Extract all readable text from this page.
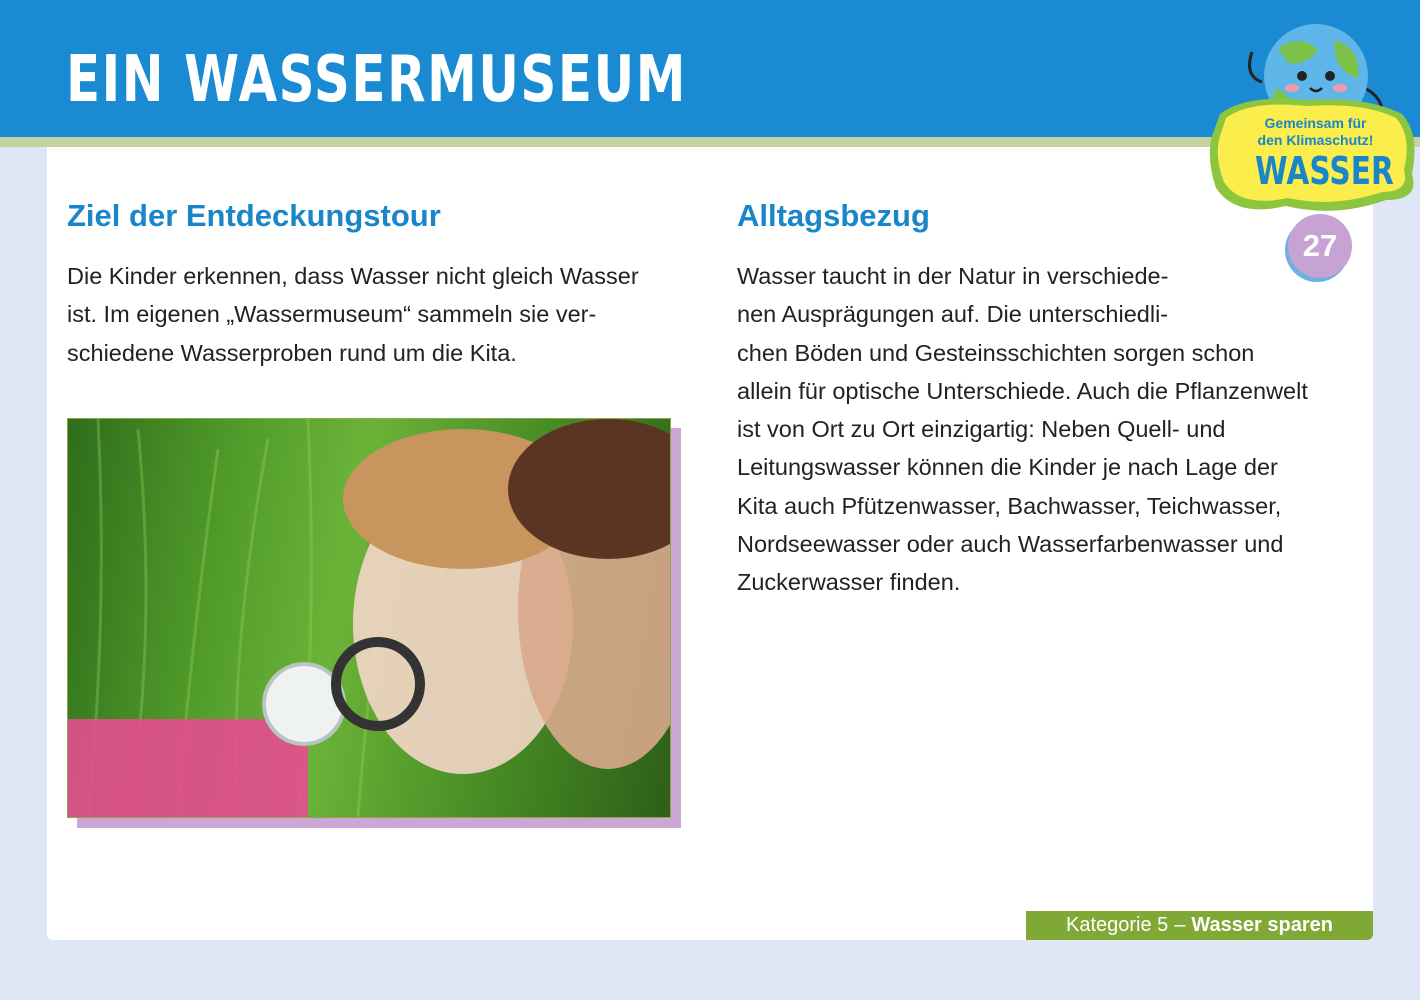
EIN WASSERMUSEUM
Ziel der Entdeckungstour

Die Kinder erkennen, dass Wasser nicht gleich Wasser
ist. Im eigenen „Wassermuseum“ sammeln sie ver-
schiedene Wasserproben rund um die Kita.

Alltagsbezug

Wasser taucht in der Natur in verschiede-
nen Ausprägungen auf. Die unterschiedli-
chen Böden und Gesteinsschichten sorgen schon
allein für optische Unterschiede. Auch die Pflanzenwelt
ist von Ort zu Ort einzigartig: Neben Quell- und
Leitungswasser können die Kinder je nach Lage der
Kita auch Pfützenwasser, Bachwasser, Teichwasser,
Nordseewasser oder auch Wasserfarbenwasser und
Zuckerwasser finden.

Gemeinsam für
den Klimaschutz!
WASSER
27
Kategorie 5 – Wasser sparen
